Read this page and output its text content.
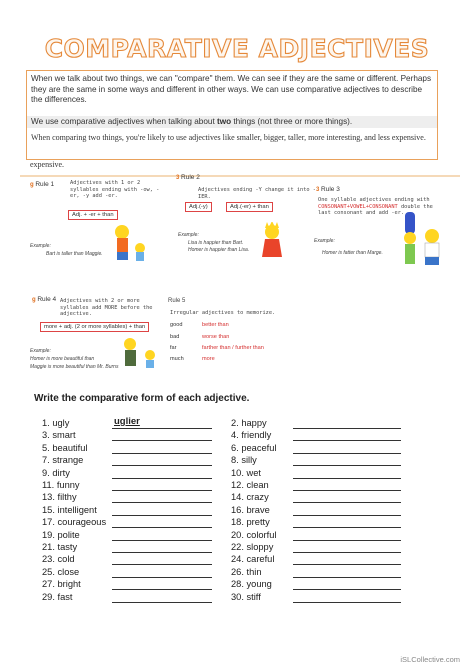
COMPARATIVE ADJECTIVES
When we talk about two things, we can "compare" them. We can see if they are the same or different. Perhaps they are the same in some ways and different in other ways. We can use comparative adjectives to describe the differences.
We use comparative adjectives when talking about two things (not three or more things).
When comparing two things, you're likely to use adjectives like smaller, bigger, taller, more interesting, and less expensive.
expensive.
g Rule 1	Adjectives with 1 or 2 syllables ending with -ow, -er, -y add -er.
Adj. + -er + than
Example:
Bart is taller than Maggie.
3 Rule 2
Adjectives ending -Y change it into -IER.
Adj.(-y)	Adj.(-er) + than
Example:
Lisa is happier than Bart.
Homer is happier than Lisa.
3 Rule 3
One syllable adjectives ending with CONSONANT+VOWEL+CONSONANT double the last consonant and add -er.
Example:
Homer is fatter than Marge.
g Rule 4 Adjectives with 2 or more syllables add MORE before the adjective.
more + adj. (2 or more syllables) + than
Example:
Homer is more beautiful than
Maggie is more beautiful than Mr. Burns
Rule 5
Irregular adjectives to memorize.
good	better than
bad	worse than
far	farther than / further than
much	more
Write the comparative form of each adjective.
1. ugly	uglier
3. smart
5. beautiful
7. strange
9. dirty
11. funny
13. filthy
15. intelligent
17. courageous
19. polite
21. tasty
23. cold
25. close
27. bright
29. fast
2. happy
4. friendly
6. peaceful
8. silly
10. wet
12. clean
14. crazy
16. brave
18. pretty
20. colorful
22. sloppy
24. careful
26. thin
28. young
30. stiff
iSLCollective.com
